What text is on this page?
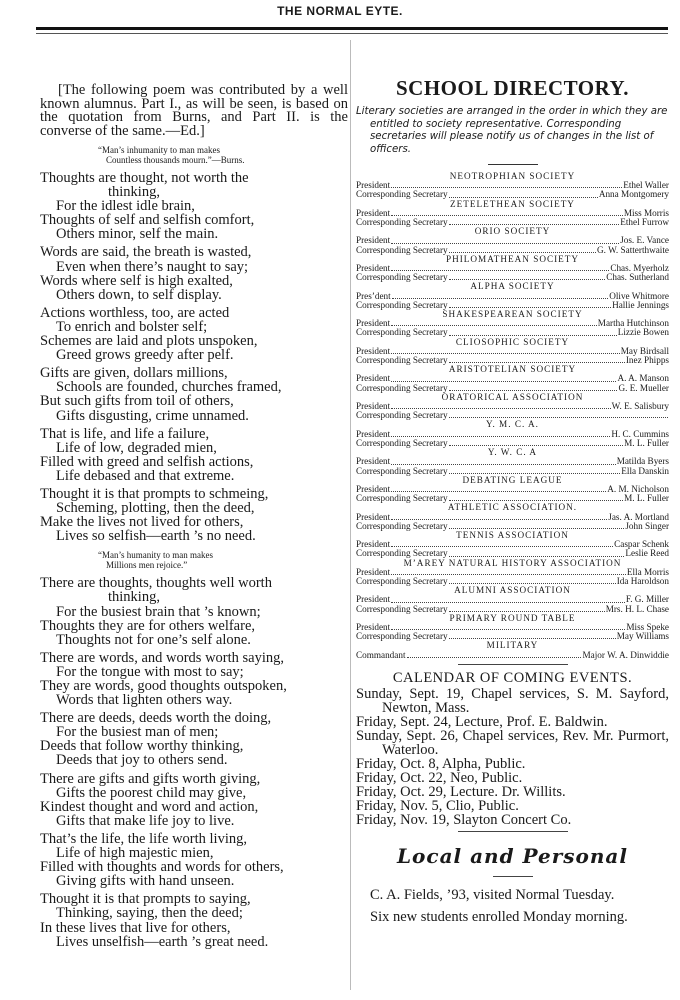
THE NORMAL EYTE.
[The following poem was contributed by a well known alumnus. Part I., as will be seen, is based on the quotation from Burns, and Part II. is the converse of the same.—Ed.]
“Man’s inhumanity to man makes
Countless thousands mourn.”—Burns.
Thoughts are thought, not worth the
thinking,
For the idlest idle brain,
Thoughts of self and selfish comfort,
Others minor, self the main.
Words are said, the breath is wasted,
Even when there’s naught to say;
Words where self is high exalted,
Others down, to self display.
Actions worthless, too, are acted
To enrich and bolster self;
Schemes are laid and plots unspoken,
Greed grows greedy after pelf.
Gifts are given, dollars millions,
Schools are founded, churches framed,
But such gifts from toil of others,
Gifts disgusting, crime unnamed.
That is life, and life a failure,
Life of low, degraded mien,
Filled with greed and selfish actions,
Life debased and that extreme.
Thought it is that prompts to schmeing,
Scheming, plotting, then the deed,
Make the lives not lived for others,
Lives so selfish—earth ’s no need.
“Man’s humanity to man makes
Millions men rejoice.”
There are thoughts, thoughts well worth
thinking,
For the busiest brain that ’s known;
Thoughts they are for others welfare,
Thoughts not for one’s self alone.
There are words, and words worth saying,
For the tongue with most to say;
They are words, good thoughts outspoken,
Words that lighten others way.
There are deeds, deeds worth the doing,
For the busiest man of men;
Deeds that follow worthy thinking,
Deeds that joy to others send.
There are gifts and gifts worth giving,
Gifts the poorest child may give,
Kindest thought and word and action,
Gifts that make life joy to live.
That’s the life, the life worth living,
Life of high majestic mien,
Filled with thoughts and words for others,
Giving gifts with hand unseen.
Thought it is that prompts to saying,
Thinking, saying, then the deed;
In these lives that live for others,
Lives unselfish—earth ’s great need.
SCHOOL DIRECTORY.
Literary societies are arranged in the order in which they are entitled to society representative. Corresponding secretaries will please notify us of changes in the list of officers.
NEOTROPHIAN SOCIETY
President	Ethel Waller
Corresponding Secretary	Anna Montgomery
ZETELETHEAN SOCIETY
President	Miss Morris
Corresponding Secretary	Ethel Furrow
ORIO SOCIETY
President	Jos. E. Vance
Corresponding Secretary	G. W. Satterthwaite
PHILOMATHEAN SOCIETY
President	Chas. Myerholz
Corresponding Secretary	Chas. Sutherland
ALPHA SOCIETY
Pres’dent	Olive Whitmore
Corresponding Secretary	Hallie Jennings
SHAKESPEAREAN SOCIETY
President	Martha Hutchinson
Corresponding Secretary	Lizzie Bowen
CLIOSOPHIC SOCIETY
President	May Birdsall
Corresponding Secretary	Inez Phipps
ARISTOTELIAN SOCIETY
President	A. A. Manson
Corresponding Secretary	G. E. Mueller
ORATORICAL ASSOCIATION
President	W. E. Salisbury
Corresponding Secretary
Y. M. C. A.
President	H. C. Cummins
Corresponding Secretary	M. L. Fuller
Y. W. C. A
President	Matilda Byers
Corresponding Secretary	Ella Danskin
DEBATING LEAGUE
President	A. M. Nicholson
Corresponding Secretary	M. L. Fuller
ATHLETIC ASSOCIATION.
President	Jas. A. Mortland
Corresponding Secretary	John Singer
TENNIS ASSOCIATION
President	Caspar Schenk
Corresponding Secretary	Leslie Reed
M’AREY NATURAL HISTORY ASSOCIATION
President	Ella Morris
Corresponding Secretary	Ida Haroldson
ALUMNI ASSOCIATION
President	F. G. Miller
Corresponding Secretary	Mrs. H. L. Chase
PRIMARY ROUND TABLE
President	Miss Speke
Corresponding Secretary	May Williams
MILITARY
Commandant	Major W. A. Dinwiddie
CALENDAR OF COMING EVENTS.
Sunday, Sept. 19, Chapel services, S. M. Sayford, Newton, Mass.
Friday, Sept. 24, Lecture, Prof. E. Baldwin.
Sunday, Sept. 26, Chapel services, Rev. Mr. Purmort, Waterloo.
Friday, Oct. 8, Alpha, Public.
Friday, Oct. 22, Neo, Public.
Friday, Oct. 29, Lecture. Dr. Willits.
Friday, Nov. 5, Clio, Public.
Friday, Nov. 19, Slayton Concert Co.
Local and Personal
C. A. Fields, ’93, visited Normal Tuesday.
Six new students enrolled Monday morning.
